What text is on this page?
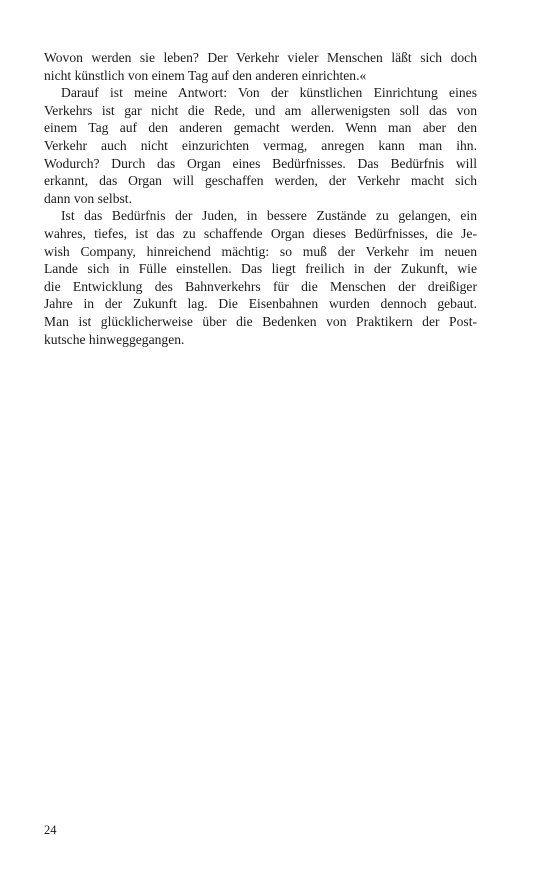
Wovon werden sie leben? Der Verkehr vieler Menschen läßt sich doch
nicht künstlich von einem Tag auf den anderen einrichten.«
Darauf ist meine Antwort: Von der künstlichen Einrichtung eines
Verkehrs ist gar nicht die Rede, und am allerwenigsten soll das von
einem Tag auf den anderen gemacht werden. Wenn man aber den
Verkehr auch nicht einzurichten vermag, anregen kann man ihn.
Wodurch? Durch das Organ eines Bedürfnisses. Das Bedürfnis will
erkannt, das Organ will geschaffen werden, der Verkehr macht sich
dann von selbst.
Ist das Bedürfnis der Juden, in bessere Zustände zu gelangen, ein
wahres, tiefes, ist das zu schaffende Organ dieses Bedürfnisses, die Je-
wish Company, hinreichend mächtig: so muß der Verkehr im neuen
Lande sich in Fülle einstellen. Das liegt freilich in der Zukunft, wie
die Entwicklung des Bahnverkehrs für die Menschen der dreißiger
Jahre in der Zukunft lag. Die Eisenbahnen wurden dennoch gebaut.
Man ist glücklicherweise über die Bedenken von Praktikern der Post-
kutsche hinweggegangen.
24
